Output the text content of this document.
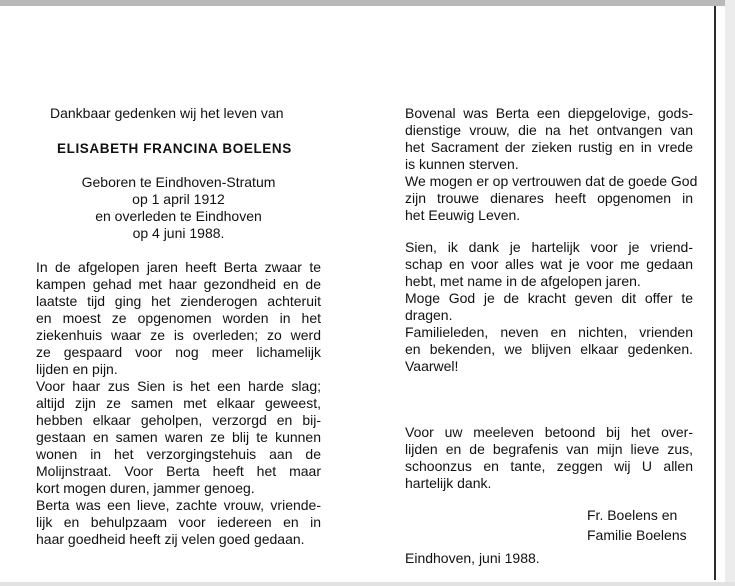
Dankbaar gedenken wij het leven van

ELISABETH FRANCINA BOELENS

Geboren te Eindhoven-Stratum
op 1 april 1912
en overleden te Eindhoven
op 4 juni 1988.

In de afgelopen jaren heeft Berta zwaar te
kampen gehad met haar gezondheid en de
laatste tijd ging het zienderogen achteruit
en moest ze opgenomen worden in het
ziekenhuis waar ze is overleden; zo werd
ze gespaard voor nog meer lichamelijk
lijden en pijn.

Voor haar zus Sien is het een harde slag;
altijd zijn ze samen met elkaar geweest,
hebben elkaar geholpen, verzorgd en bij-
gestaan en samen waren ze blij te kunnen
wonen in het verzorgingstehuis aan de
Molijnstraat. Voor Berta heeft het maar
kort mogen duren, jammer genoeg.

Berta was een lieve, zachte vrouw, vriende-
lijk en behulpzaam voor iedereen en in
haar goedheid heeft zij velen goed gedaan.

Bovenal was Berta een diepgelovige, gods-
dienstige vrouw, die na het ontvangen van
het Sacrament der zieken rustig en in vrede
is kunnen sterven.

We mogen er op vertrouwen dat de goede God
zijn trouwe dienares heeft opgenomen in
het Eeuwig Leven.

Sien, ik dank je hartelijk voor je vriend-
schap en voor alles wat je voor me gedaan
hebt, met name in de afgelopen jaren.

Moge God je de kracht geven dit offer te
dragen.

Familieleden, neven en nichten, vrienden
en bekenden, we blijven elkaar gedenken.
Vaarwel!

Voor uw meeleven betoond bij het over-
lijden en de begrafenis van mijn lieve zus,
schoonzus en tante, zeggen wij U allen
hartelijk dank.

Fr. Boelens en
Familie Boelens

Eindhoven, juni 1988.
